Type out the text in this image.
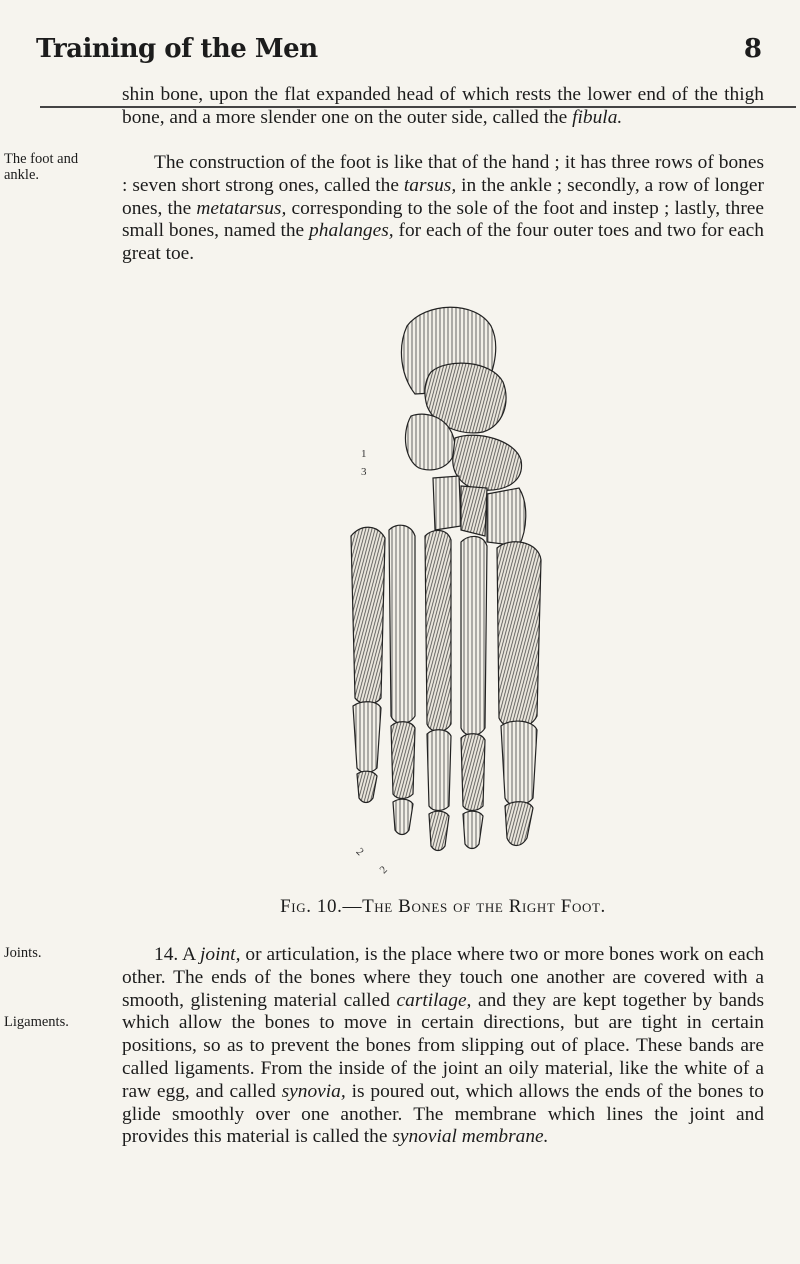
Training of the Men	8

shin bone, upon the flat expanded head of which rests the lower end of the thigh bone, and a more slender one on the outer side, called the fibula.

The foot and
ankle.

The construction of the foot is like that of the hand ; it has three rows of bones : seven short strong ones, called the tarsus, in the ankle ; secondly, a row of longer ones, the metatarsus, corresponding to the sole of the foot and instep ; lastly, three small bones, named the phalanges, for each of the four outer toes and two for each great toe.

1
3
2
2
Fig. 10.—The Bones of the Right Foot.
Joints.
Ligaments.

14. A joint, or articulation, is the place where two or more bones work on each other. The ends of the bones where they touch one another are covered with a smooth, glistening material called cartilage, and they are kept together by bands which allow the bones to move in certain directions, but are tight in certain positions, so as to prevent the bones from slipping out of place. These bands are called ligaments. From the inside of the joint an oily material, like the white of a raw egg, and called synovia, is poured out, which allows the ends of the bones to glide smoothly over one another. The membrane which lines the joint and provides this material is called the synovial membrane.
